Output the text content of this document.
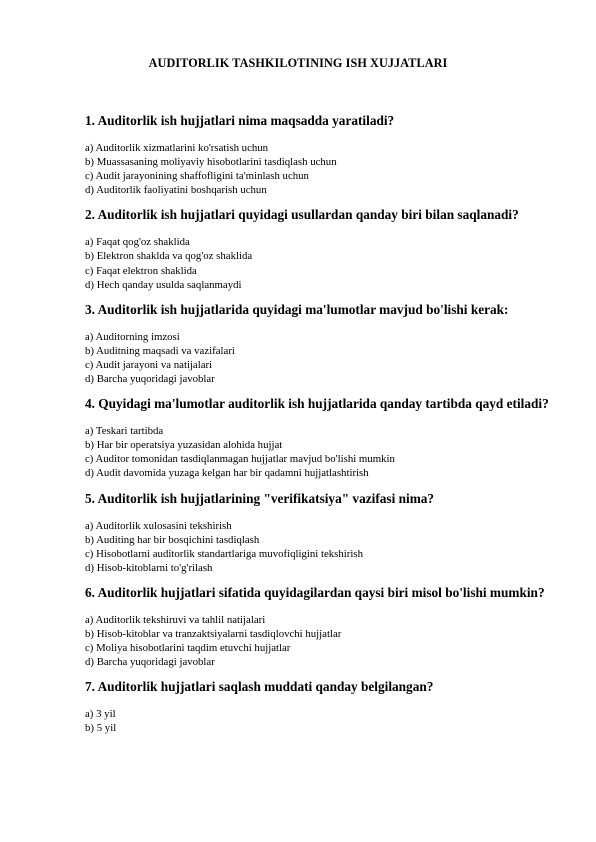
AUDITORLIK TASHKILOTINING ISH XUJJATLARI

1. Auditorlik ish hujjatlari nima maqsadda yaratiladi?

a) Auditorlik xizmatlarini ko'rsatish uchun
b) Muassasaning moliyaviy hisobotlarini tasdiqlash uchun
c) Audit jarayonining shaffofligini ta'minlash uchun
d) Auditorlik faoliyatini boshqarish uchun

2. Auditorlik ish hujjatlari quyidagi usullardan qanday biri bilan saqlanadi?

a) Faqat qog'oz shaklida
b) Elektron shaklda va qog'oz shaklida
c) Faqat elektron shaklida
d) Hech qanday usulda saqlanmaydi

3. Auditorlik ish hujjatlarida quyidagi ma'lumotlar mavjud bo'lishi kerak:

a) Auditorning imzosi
b) Auditning maqsadi va vazifalari
c) Audit jarayoni va natijalari
d) Barcha yuqoridagi javoblar

4. Quyidagi ma'lumotlar auditorlik ish hujjatlarida qanday tartibda qayd etiladi?

a) Teskari tartibda
b) Har bir operatsiya yuzasidan alohida hujjat
c) Auditor tomonidan tasdiqlanmagan hujjatlar mavjud bo'lishi mumkin
d) Audit davomida yuzaga kelgan har bir qadamni hujjatlashtirish

5. Auditorlik ish hujjatlarining "verifikatsiya" vazifasi nima?

a) Auditorlik xulosasini tekshirish
b) Auditing har bir bosqichini tasdiqlash
c) Hisobotlarni auditorlik standartlariga muvofiqligini tekshirish
d) Hisob-kitoblarni to'g'rilash

6. Auditorlik hujjatlari sifatida quyidagilardan qaysi biri misol bo'lishi mumkin?

a) Auditorlik tekshiruvi va tahlil natijalari
b) Hisob-kitoblar va tranzaktsiyalarni tasdiqlovchi hujjatlar
c) Moliya hisobotlarini taqdim etuvchi hujjatlar
d) Barcha yuqoridagi javoblar

7. Auditorlik hujjatlari saqlash muddati qanday belgilangan?

a) 3 yil
b) 5 yil
